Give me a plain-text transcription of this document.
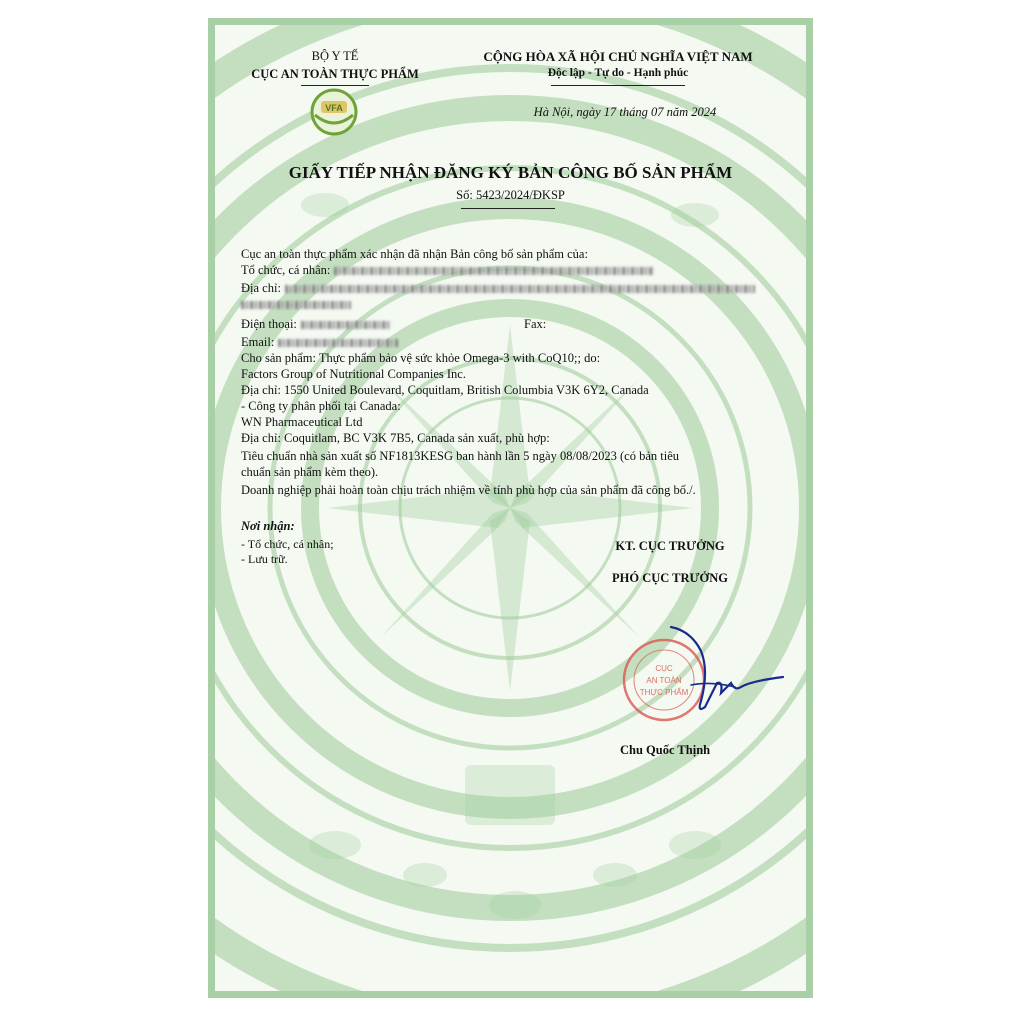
BỘ Y TẾ
CỤC AN TOÀN THỰC PHẨM
VFA
CỘNG HÒA XÃ HỘI CHỦ NGHĨA VIỆT NAM
Độc lập - Tự do - Hạnh phúc
Hà Nội, ngày 17 tháng 07 năm 2024
GIẤY TIẾP NHẬN ĐĂNG KÝ BẢN CÔNG BỐ SẢN PHẨM
Số: 5423/2024/ĐKSP
Cục an toàn thực phẩm xác nhận đã nhận Bản công bố sản phẩm của:
Tổ chức, cá nhân:
Địa chỉ:
Điện thoại:	Fax:
Email:
Cho sản phẩm: Thực phẩm bảo vệ sức khỏe Omega-3 with CoQ10;; do:
Factors Group of Nutritional Companies Inc.
Địa chỉ: 1550 United Boulevard, Coquitlam, British Columbia V3K 6Y2, Canada
- Công ty phân phối tại Canada:
WN Pharmaceutical Ltd
Địa chỉ: Coquitlam, BC V3K 7B5, Canada sản xuất, phù hợp:
Tiêu chuẩn nhà sản xuất số NF1813KESG ban hành lần 5 ngày 08/08/2023 (có bản tiêu
chuẩn sản phẩm kèm theo).
Doanh nghiệp phải hoàn toàn chịu trách nhiệm về tính phù hợp của sản phẩm đã công bố./.
Nơi nhận:
- Tổ chức, cá nhân;
- Lưu trữ.
KT. CỤC TRƯỞNG
PHÓ CỤC TRƯỞNG
CỤC
AN TOÀN
THỰC PHẨM
Chu Quốc Thịnh
